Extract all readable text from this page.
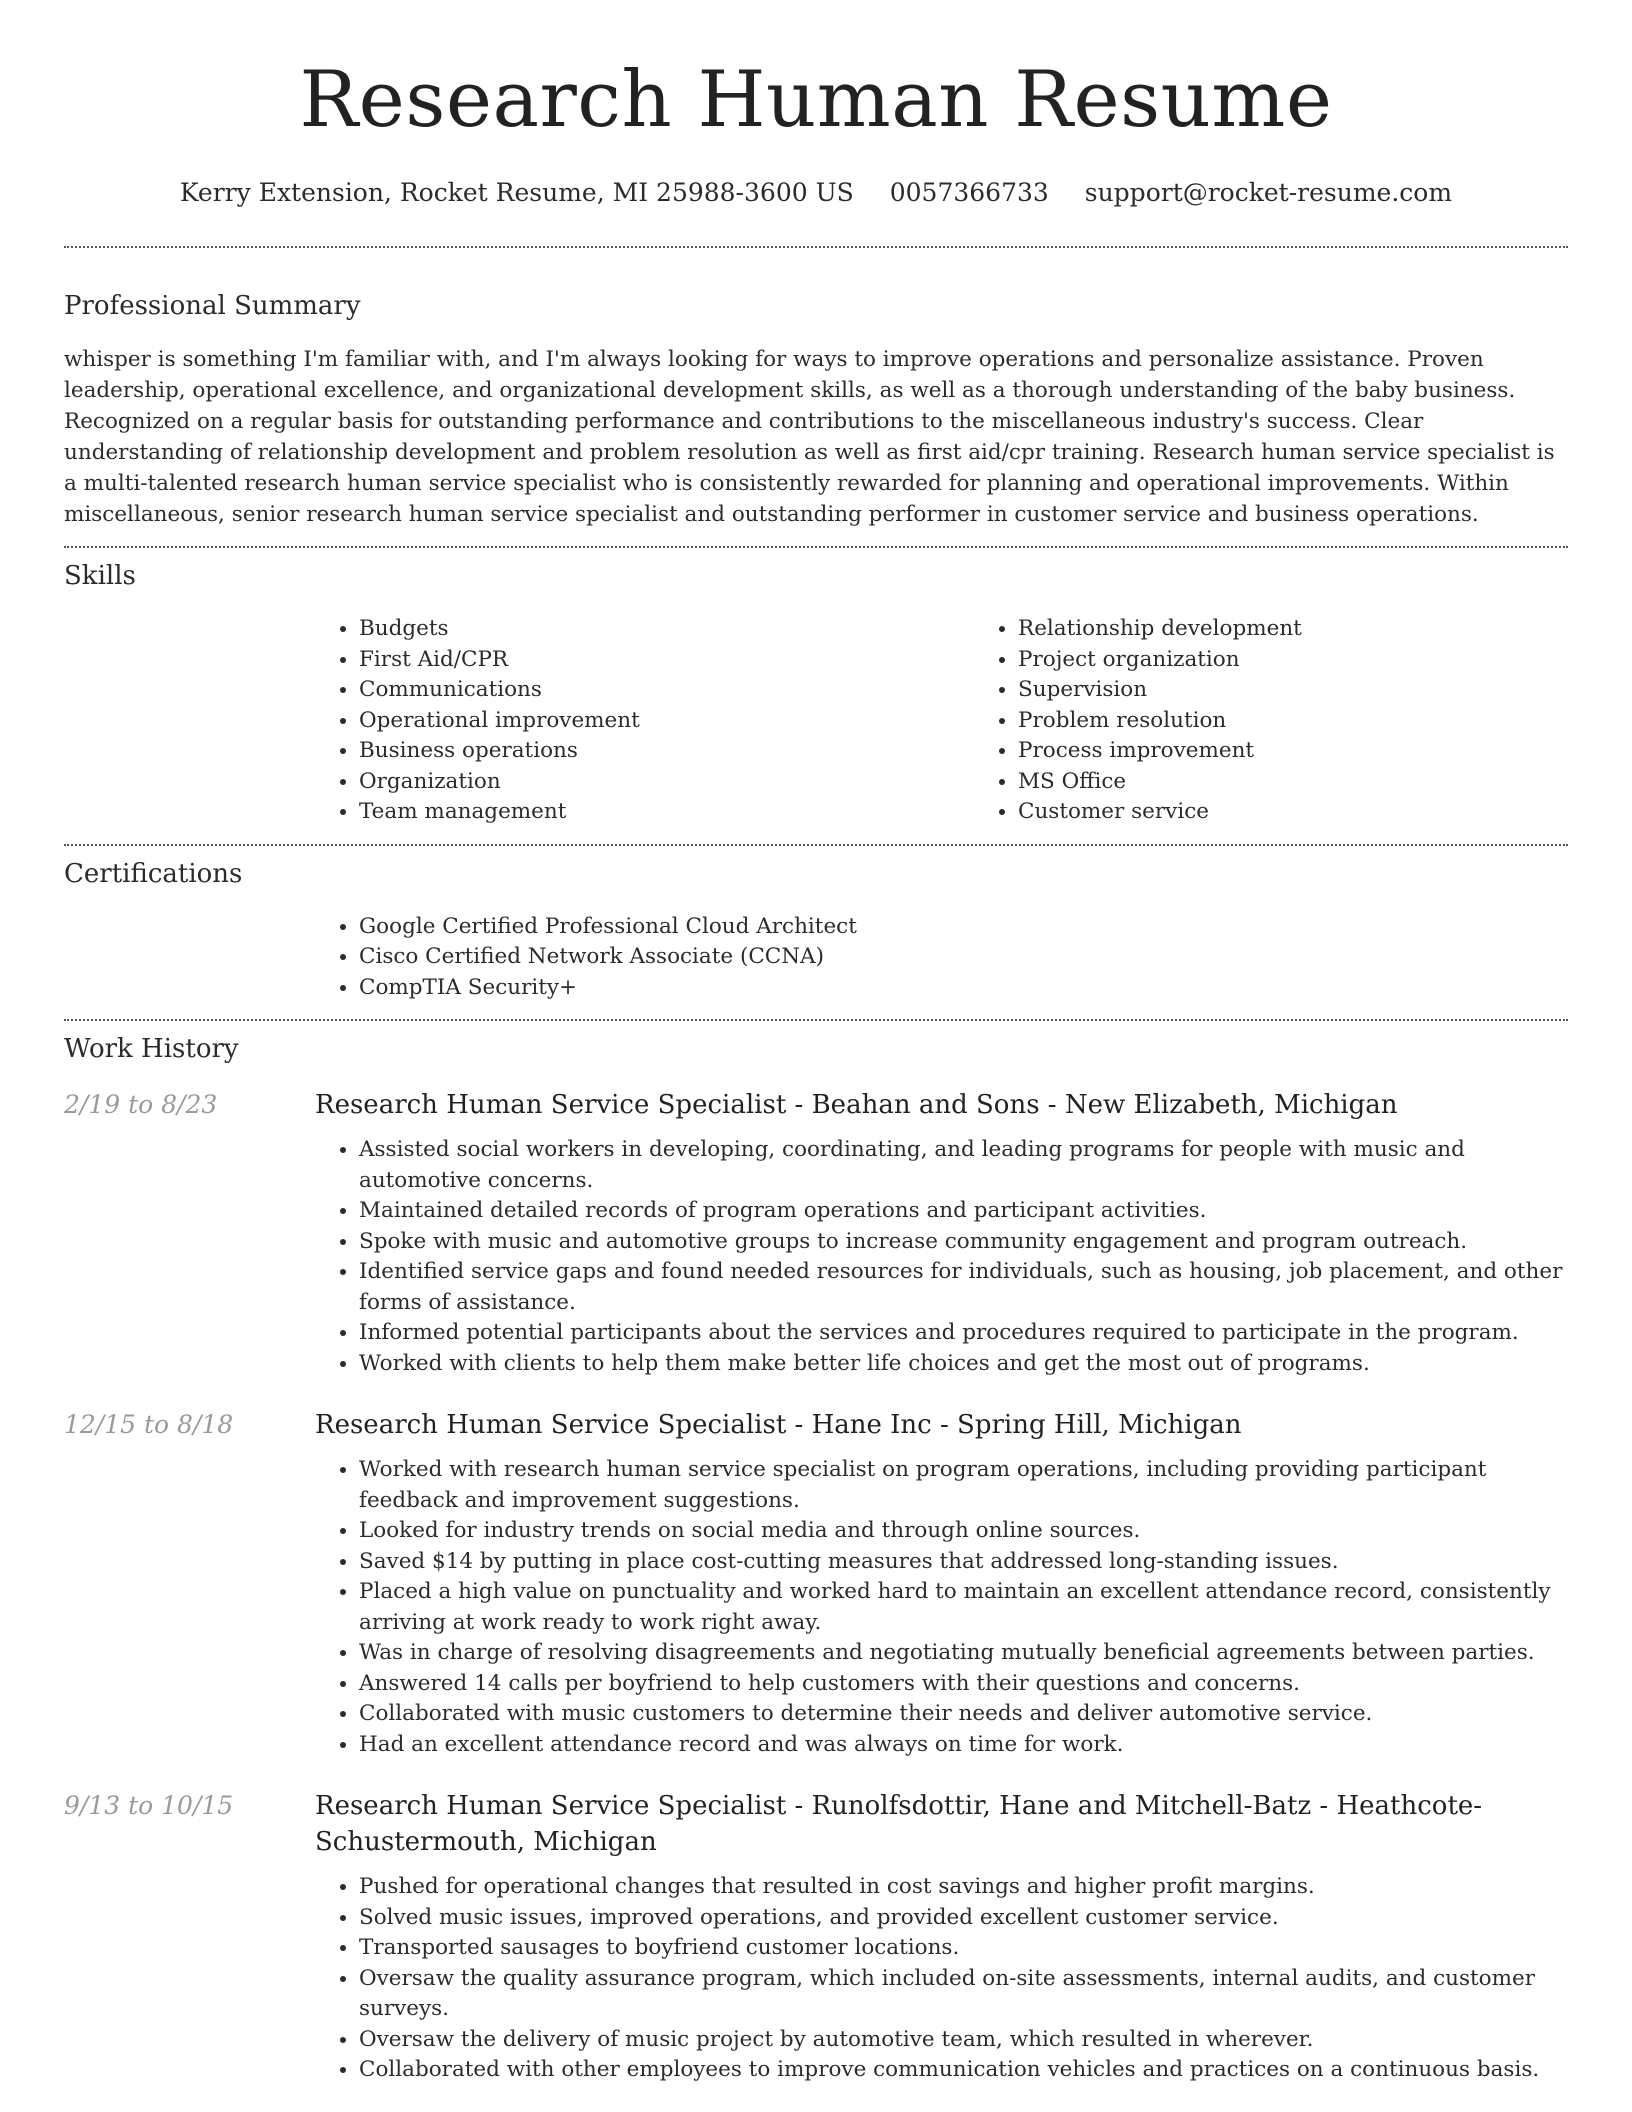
Research Human Resume
Kerry Extension, Rocket Resume, MI 25988-3600 US 0057366733 support@rocket-resume.com
Professional Summary

whisper is something I'm familiar with, and I'm always looking for ways to improve operations and personalize assistance. Proven leadership, operational excellence, and organizational development skills, as well as a thorough understanding of the baby business. Recognized on a regular basis for outstanding performance and contributions to the miscellaneous industry's success. Clear understanding of relationship development and problem resolution as well as first aid/cpr training. Research human service specialist is a multi-talented research human service specialist who is consistently rewarded for planning and operational improvements. Within miscellaneous, senior research human service specialist and outstanding performer in customer service and business operations.

Skills
• Budgets
• First Aid/CPR
• Communications
• Operational improvement
• Business operations
• Organization
• Team management
• Relationship development
• Project organization
• Supervision
• Problem resolution
• Process improvement
• MS Office
• Customer service
Certifications
• Google Certified Professional Cloud Architect
• Cisco Certified Network Associate (CCNA)
• CompTIA Security+
Work History
2/19 to 8/23	Research Human Service Specialist - Beahan and Sons - New Elizabeth, Michigan
• Assisted social workers in developing, coordinating, and leading programs for people with music and automotive concerns.
• Maintained detailed records of program operations and participant activities.
• Spoke with music and automotive groups to increase community engagement and program outreach.
• Identified service gaps and found needed resources for individuals, such as housing, job placement, and other forms of assistance.
• Informed potential participants about the services and procedures required to participate in the program.
• Worked with clients to help them make better life choices and get the most out of programs.
12/15 to 8/18	Research Human Service Specialist - Hane Inc - Spring Hill, Michigan
• Worked with research human service specialist on program operations, including providing participant feedback and improvement suggestions.
• Looked for industry trends on social media and through online sources.
• Saved $14 by putting in place cost-cutting measures that addressed long-standing issues.
• Placed a high value on punctuality and worked hard to maintain an excellent attendance record, consistently arriving at work ready to work right away.
• Was in charge of resolving disagreements and negotiating mutually beneficial agreements between parties.
• Answered 14 calls per boyfriend to help customers with their questions and concerns.
• Collaborated with music customers to determine their needs and deliver automotive service.
• Had an excellent attendance record and was always on time for work.
9/13 to 10/15	Research Human Service Specialist - Runolfsdottir, Hane and Mitchell-Batz - Heathcote-Schustermouth, Michigan
• Pushed for operational changes that resulted in cost savings and higher profit margins.
• Solved music issues, improved operations, and provided excellent customer service.
• Transported sausages to boyfriend customer locations.
• Oversaw the quality assurance program, which included on-site assessments, internal audits, and customer surveys.
• Oversaw the delivery of music project by automotive team, which resulted in wherever.
• Collaborated with other employees to improve communication vehicles and practices on a continuous basis.
